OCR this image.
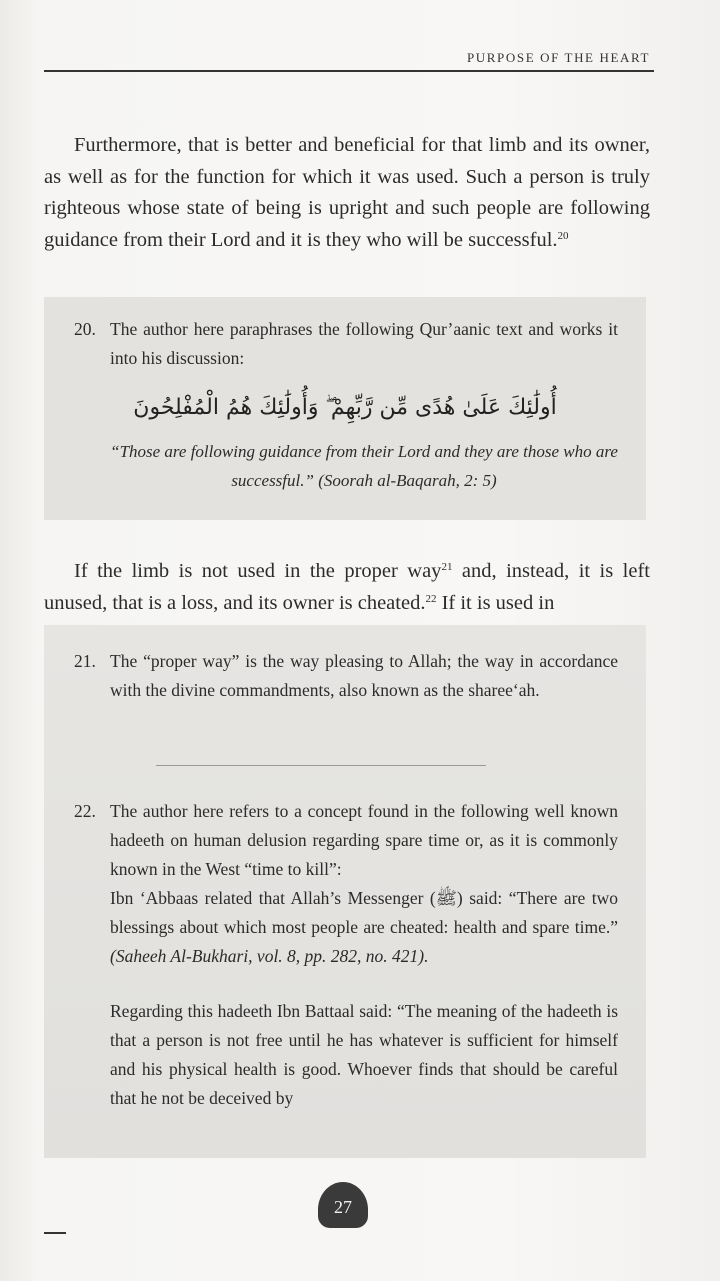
PURPOSE OF THE HEART

Furthermore, that is better and beneficial for that limb and its owner, as well as for the function for which it was used. Such a person is truly righteous whose state of being is upright and such people are following guidance from their Lord and it is they who will be successful.$^{20}$

20. The author here paraphrases the following Qur’aanic text and works it into his discussion:
أُولَٰئِكَ عَلَىٰ هُدًى مِّن رَّبِّهِمْ ۖ وَأُولَٰئِكَ هُمُ الْمُفْلِحُونَ
“Those are following guidance from their Lord and they are those who are successful.” (Soorah al-Baqarah, 2: 5)

If the limb is not used in the proper way$^{21}$ and, instead, it is left unused, that is a loss, and its owner is cheated.$^{22}$ If it is used in

21. The “proper way” is the way pleasing to Allah; the way in accordance with the divine commandments, also known as the sharee‘ah.
22. The author here refers to a concept found in the following well known hadeeth on human delusion regarding spare time or, as it is commonly known in the West “time to kill”:
Ibn ‘Abbaas related that Allah’s Messenger (ﷺ) said: “There are two blessings about which most people are cheated: health and spare time.” (Saheeh Al-Bukhari, vol. 8, pp. 282, no. 421).
Regarding this hadeeth Ibn Battaal said: “The meaning of the hadeeth is that a person is not free until he has whatever is sufficient for himself and his physical health is good. Whoever finds that should be careful that he not be deceived by
27
